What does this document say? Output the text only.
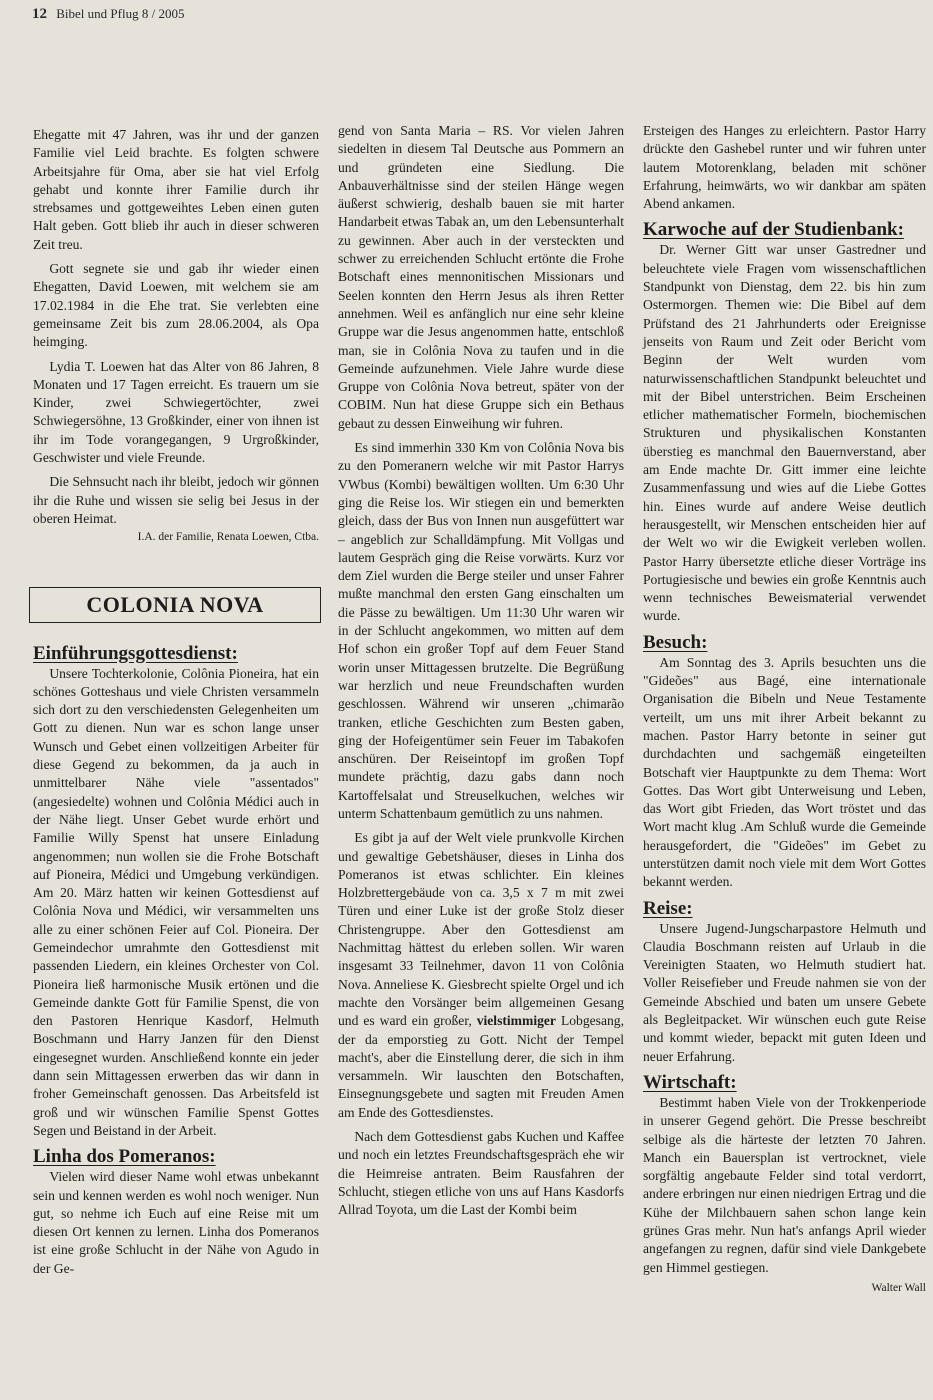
12 Bibel und Pflug 8 / 2005

Ehegatte mit 47 Jahren, was ihr und der ganzen Familie viel Leid brachte. Es folgten schwere Arbeitsjahre für Oma, aber sie hat viel Erfolg gehabt und konnte ihrer Familie durch ihr strebsames und gottgeweihtes Leben einen guten Halt geben. Gott blieb ihr auch in dieser schweren Zeit treu.

Gott segnete sie und gab ihr wieder einen Ehegatten, David Loewen, mit welchem sie am 17.02.1984 in die Ehe trat. Sie verlebten eine gemeinsame Zeit bis zum 28.06.2004, als Opa heimging.

Lydia T. Loewen hat das Alter von 86 Jahren, 8 Monaten und 17 Tagen erreicht. Es trauern um sie Kinder, zwei Schwiegertöchter, zwei Schwiegersöhne, 13 Großkinder, einer von ihnen ist ihr im Tode vorangegangen, 9 Urgroßkinder, Geschwister und viele Freunde.

Die Sehnsucht nach ihr bleibt, jedoch wir gönnen ihr die Ruhe und wissen sie selig bei Jesus in der oberen Heimat.

I.A. der Familie, Renata Loewen, Ctba.

COLONIA NOVA
Einführungsgottesdienst:

Unsere Tochterkolonie, Colônia Pioneira, hat ein schönes Gotteshaus und viele Christen versammeln sich dort zu den verschiedensten Gelegenheiten um Gott zu dienen. Nun war es schon lange unser Wunsch und Gebet einen vollzeitigen Arbeiter für diese Gegend zu bekommen, da ja auch in unmittelbarer Nähe viele "assentados" (angesiedelte) wohnen und Colônia Médici auch in der Nähe liegt. Unser Gebet wurde erhört und Familie Willy Spenst hat unsere Einladung angenommen; nun wollen sie die Frohe Botschaft auf Pioneira, Médici und Umgebung verkündigen. Am 20. März hatten wir keinen Gottesdienst auf Colônia Nova und Médici, wir versammelten uns alle zu einer schönen Feier auf Col. Pioneira. Der Gemeindechor umrahmte den Gottesdienst mit passenden Liedern, ein kleines Orchester von Col. Pioneira ließ harmonische Musik ertönen und die Gemeinde dankte Gott für Familie Spenst, die von den Pastoren Henrique Kasdorf, Helmuth Boschmann und Harry Janzen für den Dienst eingesegnet wurden. Anschließend konnte ein jeder dann sein Mittagessen erwerben das wir dann in froher Gemeinschaft genossen. Das Arbeitsfeld ist groß und wir wünschen Familie Spenst Gottes Segen und Beistand in der Arbeit.

Linha dos Pomeranos:

Vielen wird dieser Name wohl etwas unbekannt sein und kennen werden es wohl noch weniger. Nun gut, so nehme ich Euch auf eine Reise mit um diesen Ort kennen zu lernen. Linha dos Pomeranos ist eine große Schlucht in der Nähe von Agudo in der Ge-

gend von Santa Maria – RS. Vor vielen Jahren siedelten in diesem Tal Deutsche aus Pommern an und gründeten eine Siedlung. Die Anbauverhältnisse sind der steilen Hänge wegen äußerst schwierig, deshalb bauen sie mit harter Handarbeit etwas Tabak an, um den Lebensunterhalt zu gewinnen. Aber auch in der versteckten und schwer zu erreichenden Schlucht ertönte die Frohe Botschaft eines mennonitischen Missionars und Seelen konnten den Herrn Jesus als ihren Retter annehmen. Weil es anfänglich nur eine sehr kleine Gruppe war die Jesus angenommen hatte, entschloß man, sie in Colônia Nova zu taufen und in die Gemeinde aufzunehmen. Viele Jahre wurde diese Gruppe von Colônia Nova betreut, später von der COBIM. Nun hat diese Gruppe sich ein Bethaus gebaut zu dessen Einweihung wir fuhren.

Es sind immerhin 330 Km von Colônia Nova bis zu den Pomeranern welche wir mit Pastor Harrys VWbus (Kombi) bewältigen wollten. Um 6:30 Uhr ging die Reise los. Wir stiegen ein und bemerkten gleich, dass der Bus von Innen nun ausgefüttert war – angeblich zur Schalldämpfung. Mit Vollgas und lautem Gespräch ging die Reise vorwärts. Kurz vor dem Ziel wurden die Berge steiler und unser Fahrer mußte manchmal den ersten Gang einschalten um die Pässe zu bewältigen. Um 11:30 Uhr waren wir in der Schlucht angekommen, wo mitten auf dem Hof schon ein großer Topf auf dem Feuer Stand worin unser Mittagessen brutzelte. Die Begrüßung war herzlich und neue Freundschaften wurden geschlossen. Während wir unseren „chimarão tranken, etliche Geschichten zum Besten gaben, ging der Hofeigentümer sein Feuer im Tabakofen anschüren. Der Reiseintopf im großen Topf mundete prächtig, dazu gabs dann noch Kartoffelsalat und Streuselkuchen, welches wir unterm Schattenbaum gemütlich zu uns nahmen.

Es gibt ja auf der Welt viele prunkvolle Kirchen und gewaltige Gebetshäuser, dieses in Linha dos Pomeranos ist etwas schlichter. Ein kleines Holzbrettergebäude von ca. 3,5 x 7 m mit zwei Türen und einer Luke ist der große Stolz dieser Christengruppe. Aber den Gottesdienst am Nachmittag hättest du erleben sollen. Wir waren insgesamt 33 Teilnehmer, davon 11 von Colônia Nova. Anneliese K. Giesbrecht spielte Orgel und ich machte den Vorsänger beim allgemeinen Gesang und es ward ein großer, vielstimmiger Lobgesang, der da emporstieg zu Gott. Nicht der Tempel macht's, aber die Einstellung derer, die sich in ihm versammeln. Wir lauschten den Botschaften, Einsegnungsgebete und sagten mit Freuden Amen am Ende des Gottesdienstes.

Nach dem Gottesdienst gabs Kuchen und Kaffee und noch ein letztes Freundschaftsgespräch ehe wir die Heimreise antraten. Beim Rausfahren der Schlucht, stiegen etliche von uns auf Hans Kasdorfs Allrad Toyota, um die Last der Kombi beim

Ersteigen des Hanges zu erleichtern. Pastor Harry drückte den Gashebel runter und wir fuhren unter lautem Motorenklang, beladen mit schöner Erfahrung, heimwärts, wo wir dankbar am späten Abend ankamen.

Karwoche auf der Studienbank:

Dr. Werner Gitt war unser Gastredner und beleuchtete viele Fragen vom wissenschaftlichen Standpunkt von Dienstag, dem 22. bis hin zum Ostermorgen. Themen wie: Die Bibel auf dem Prüfstand des 21 Jahrhunderts oder Ereignisse jenseits von Raum und Zeit oder Bericht vom Beginn der Welt wurden vom naturwissenschaftlichen Standpunkt beleuchtet und mit der Bibel unterstrichen. Beim Erscheinen etlicher mathematischer Formeln, biochemischen Strukturen und physikalischen Konstanten überstieg es manchmal den Bauernverstand, aber am Ende machte Dr. Gitt immer eine leichte Zusammenfassung und wies auf die Liebe Gottes hin. Eines wurde auf andere Weise deutlich herausgestellt, wir Menschen entscheiden hier auf der Welt wo wir die Ewigkeit verleben wollen. Pastor Harry übersetzte etliche dieser Vorträge ins Portugiesische und bewies ein große Kenntnis auch wenn technisches Beweismaterial verwendet wurde.

Besuch:

Am Sonntag des 3. Aprils besuchten uns die "Gideões" aus Bagé, eine internationale Organisation die Bibeln und Neue Testamente verteilt, um uns mit ihrer Arbeit bekannt zu machen. Pastor Harry betonte in seiner gut durchdachten und sachgemäß eingeteilten Botschaft vier Hauptpunkte zu dem Thema: Wort Gottes. Das Wort gibt Unterweisung und Leben, das Wort gibt Frieden, das Wort tröstet und das Wort macht klug .Am Schluß wurde die Gemeinde herausgefordert, die "Gideões" im Gebet zu unterstützen damit noch viele mit dem Wort Gottes bekannt werden.

Reise:

Unsere Jugend-Jungscharpastore Helmuth und Claudia Boschmann reisten auf Urlaub in die Vereinigten Staaten, wo Helmuth studiert hat. Voller Reisefieber und Freude nahmen sie von der Gemeinde Abschied und baten um unsere Gebete als Begleitpacket. Wir wünschen euch gute Reise und kommt wieder, bepackt mit guten Ideen und neuer Erfahrung.

Wirtschaft:

Bestimmt haben Viele von der Trokkenperiode in unserer Gegend gehört. Die Presse beschreibt selbige als die härteste der letzten 70 Jahren. Manch ein Bauersplan ist vertrocknet, viele sorgfältig angebaute Felder sind total verdorrt, andere erbringen nur einen niedrigen Ertrag und die Kühe der Milchbauern sahen schon lange kein grünes Gras mehr. Nun hat's anfangs April wieder angefangen zu regnen, dafür sind viele Dankgebete gen Himmel gestiegen.

Walter Wall
